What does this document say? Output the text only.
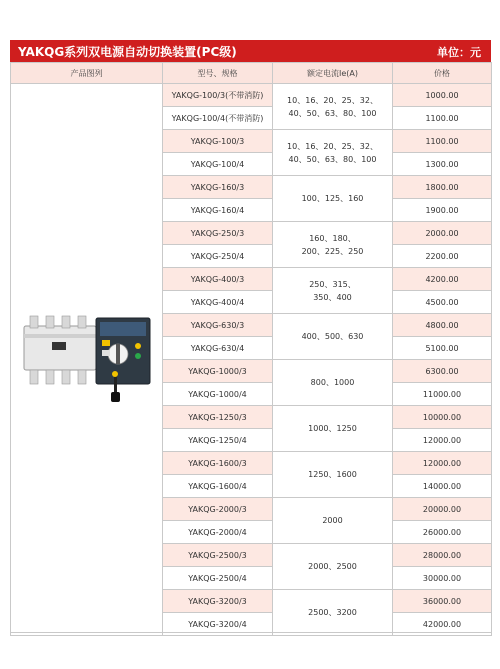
YAKQG系列双电源自动切换装置(PC级)	单位：元
产品图列	型号、规格	额定电流Ie(A)	价格

	YAKQG-100/3(不带消防)	10、16、20、25、32、
40、50、63、80、100	1000.00
	YAKQG-100/4(不带消防)		1100.00
	YAKQG-100/3	10、16、20、25、32、
40、50、63、80、100	1100.00
	YAKQG-100/4		1300.00
	YAKQG-160/3	100、125、160	1800.00
	YAKQG-160/4		1900.00
	YAKQG-250/3	160、180、
200、225、250	2000.00
	YAKQG-250/4		2200.00
	YAKQG-400/3	250、315、
350、400	4200.00
	YAKQG-400/4		4500.00
	YAKQG-630/3	400、500、630	4800.00
	YAKQG-630/4		5100.00
	YAKQG-1000/3	800、1000	6300.00
	YAKQG-1000/4		11000.00
	YAKQG-1250/3	1000、1250	10000.00
	YAKQG-1250/4		12000.00
	YAKQG-1600/3	1250、1600	12000.00
	YAKQG-1600/4		14000.00
	YAKQG-2000/3	2000	20000.00
	YAKQG-2000/4		26000.00
	YAKQG-2500/3	2000、2500	28000.00
	YAKQG-2500/4		30000.00
	YAKQG-3200/3	2500、3200	36000.00
	YAKQG-3200/4		42000.00
